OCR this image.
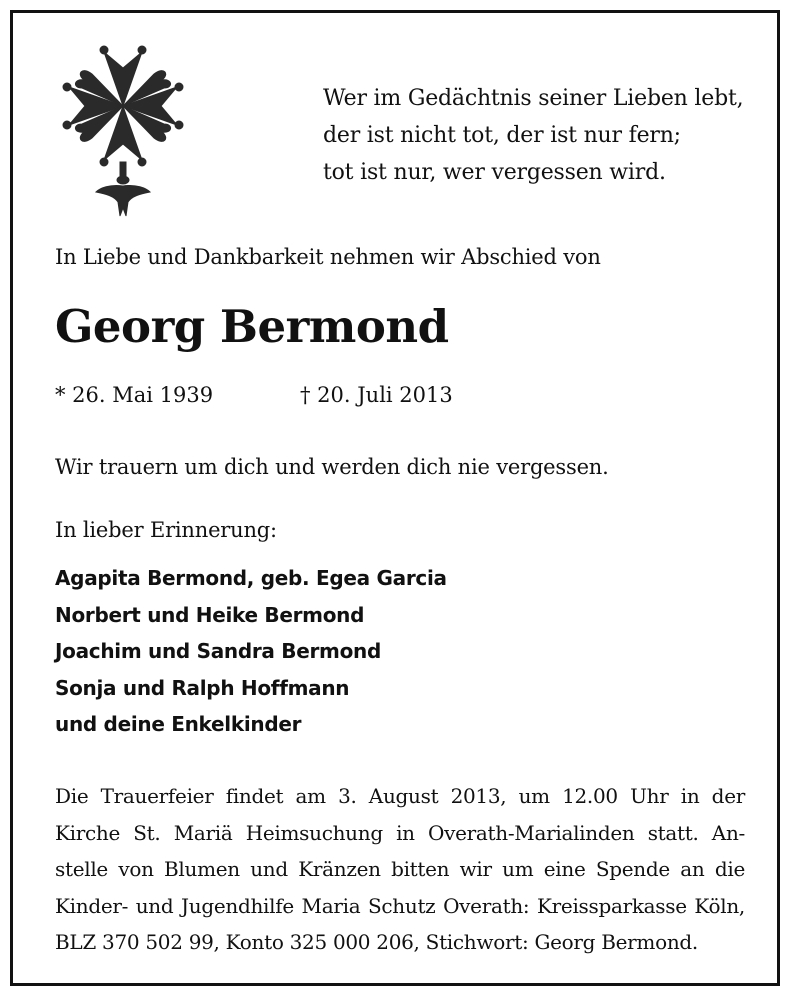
Wer im Gedächtnis seiner Lieben lebt,
der ist nicht tot, der ist nur fern;
tot ist nur, wer vergessen wird.
In Liebe und Dankbarkeit nehmen wir Abschied von
Georg Bermond
* 26. Mai 1939	† 20. Juli 2013
Wir trauern um dich und werden dich nie vergessen.
In lieber Erinnerung:
Agapita Bermond, geb. Egea Garcia
Norbert und Heike Bermond
Joachim und Sandra Bermond
Sonja und Ralph Hoffmann
und deine Enkelkinder
Die Trauerfeier findet am 3. August 2013, um 12.00 Uhr in der
Kirche St. Mariä Heimsuchung in Overath-Marialinden statt. An-
stelle von Blumen und Kränzen bitten wir um eine Spende an die
Kinder- und Jugendhilfe Maria Schutz Overath: Kreissparkasse Köln,
BLZ 370 502 99, Konto 325 000 206, Stichwort: Georg Bermond.
